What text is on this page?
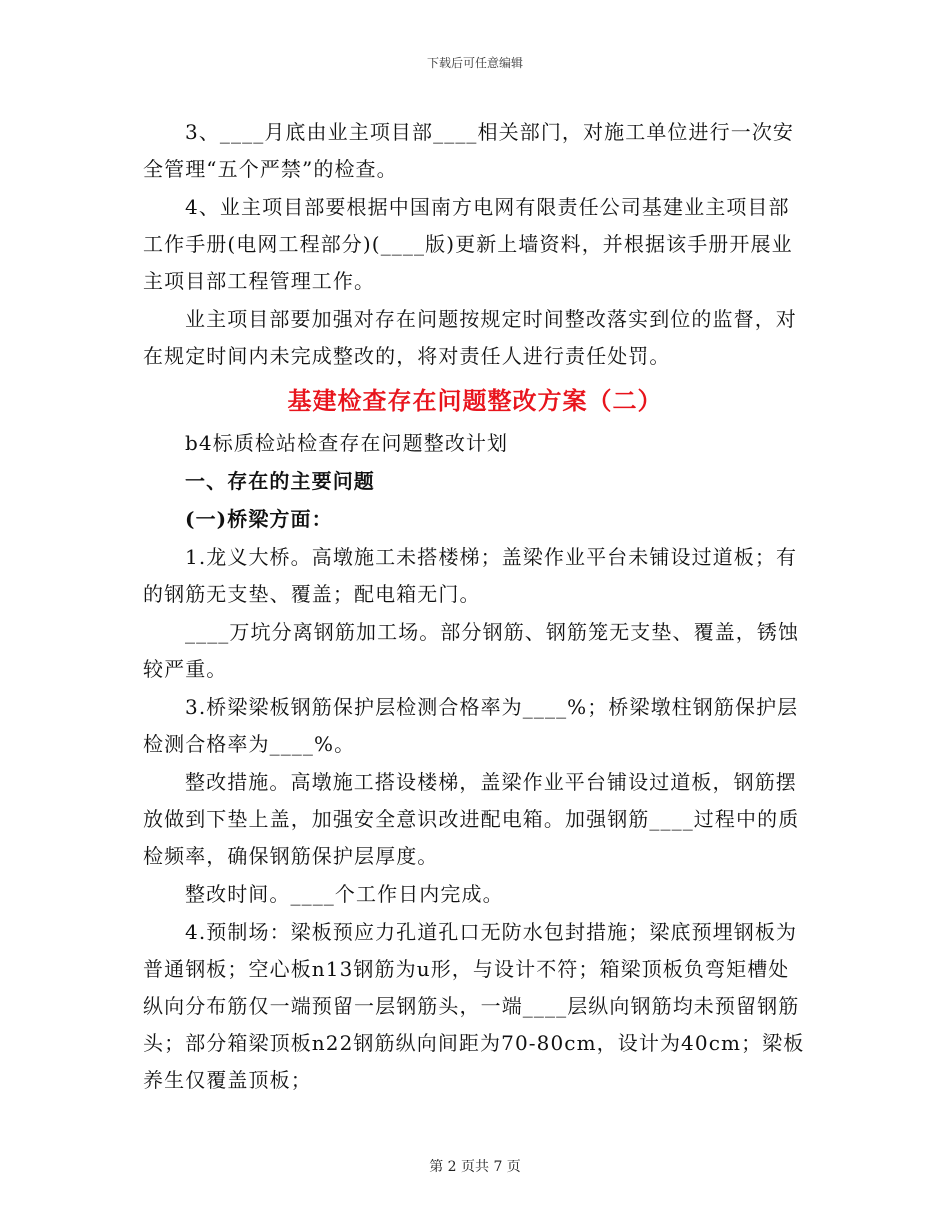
下载后可任意编辑

3、____月底由业主项目部____相关部门，对施工单位进行一次安全管理“五个严禁”的检查。

4、业主项目部要根据中国南方电网有限责任公司基建业主项目部工作手册(电网工程部分)(____版)更新上墙资料，并根据该手册开展业主项目部工程管理工作。

业主项目部要加强对存在问题按规定时间整改落实到位的监督，对在规定时间内未完成整改的，将对责任人进行责任处罚。

基建检查存在问题整改方案（二）

b4标质检站检查存在问题整改计划

一、存在的主要问题

(一)桥梁方面：

1.龙义大桥。高墩施工未搭楼梯；盖梁作业平台未铺设过道板；有的钢筋无支垫、覆盖；配电箱无门。

____万坑分离钢筋加工场。部分钢筋、钢筋笼无支垫、覆盖，锈蚀较严重。

3.桥梁梁板钢筋保护层检测合格率为____%；桥梁墩柱钢筋保护层检测合格率为____%。

整改措施。高墩施工搭设楼梯，盖梁作业平台铺设过道板，钢筋摆放做到下垫上盖，加强安全意识改进配电箱。加强钢筋____过程中的质检频率，确保钢筋保护层厚度。

整改时间。____个工作日内完成。

4.预制场：梁板预应力孔道孔口无防水包封措施；梁底预埋钢板为普通钢板；空心板n13钢筋为u形，与设计不符；箱梁顶板负弯矩槽处纵向分布筋仅一端预留一层钢筋头，一端____层纵向钢筋均未预留钢筋头；部分箱梁顶板n22钢筋纵向间距为70-80cm，设计为40cm；梁板养生仅覆盖顶板；

第 2 页共 7 页
